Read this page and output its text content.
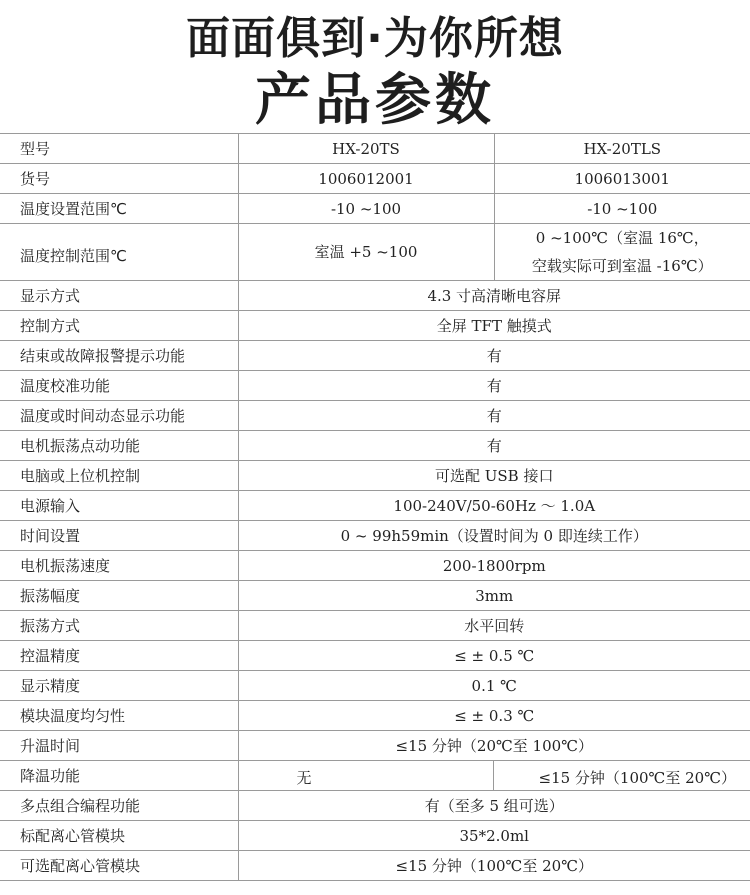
面面俱到·为你所想
产品参数
型号	HX-20TS	HX-20TLS
货号	1006012001	1006013001
温度设置范围℃	-10 ~100	-10 ~100
温度控制范围℃	室温 +5 ~100	0 ~100℃（室温 16℃，
空载实际可到室温 -16℃）

显示方式	4.3 寸高清晰电容屏	
控制方式	全屏 TFT 触摸式	
结束或故障报警提示功能	有	
温度校准功能	有	
温度或时间动态显示功能	有	
电机振荡点动功能	有	
电脑或上位机控制	可选配 USB 接口	
电源输入	100-240V/50-60Hz ～ 1.0A	
时间设置	0 ~ 99h59min（设置时间为 0 即连续工作）	
电机振荡速度	200-1800rpm	
振荡幅度	3mm	
振荡方式	水平回转	
控温精度	≤ ± 0.5 ℃	
显示精度	0.1 ℃	
模块温度均匀性	≤ ± 0.3 ℃	
升温时间	≤15 分钟（20℃至 100℃）	
降温功能	无 ≤15 分钟（100℃至 20℃）	

多点组合编程功能	有（至多 5 组可选）	
标配离心管模块	35*2.0ml	
可选配离心管模块	≤15 分钟（100℃至 20℃）	
